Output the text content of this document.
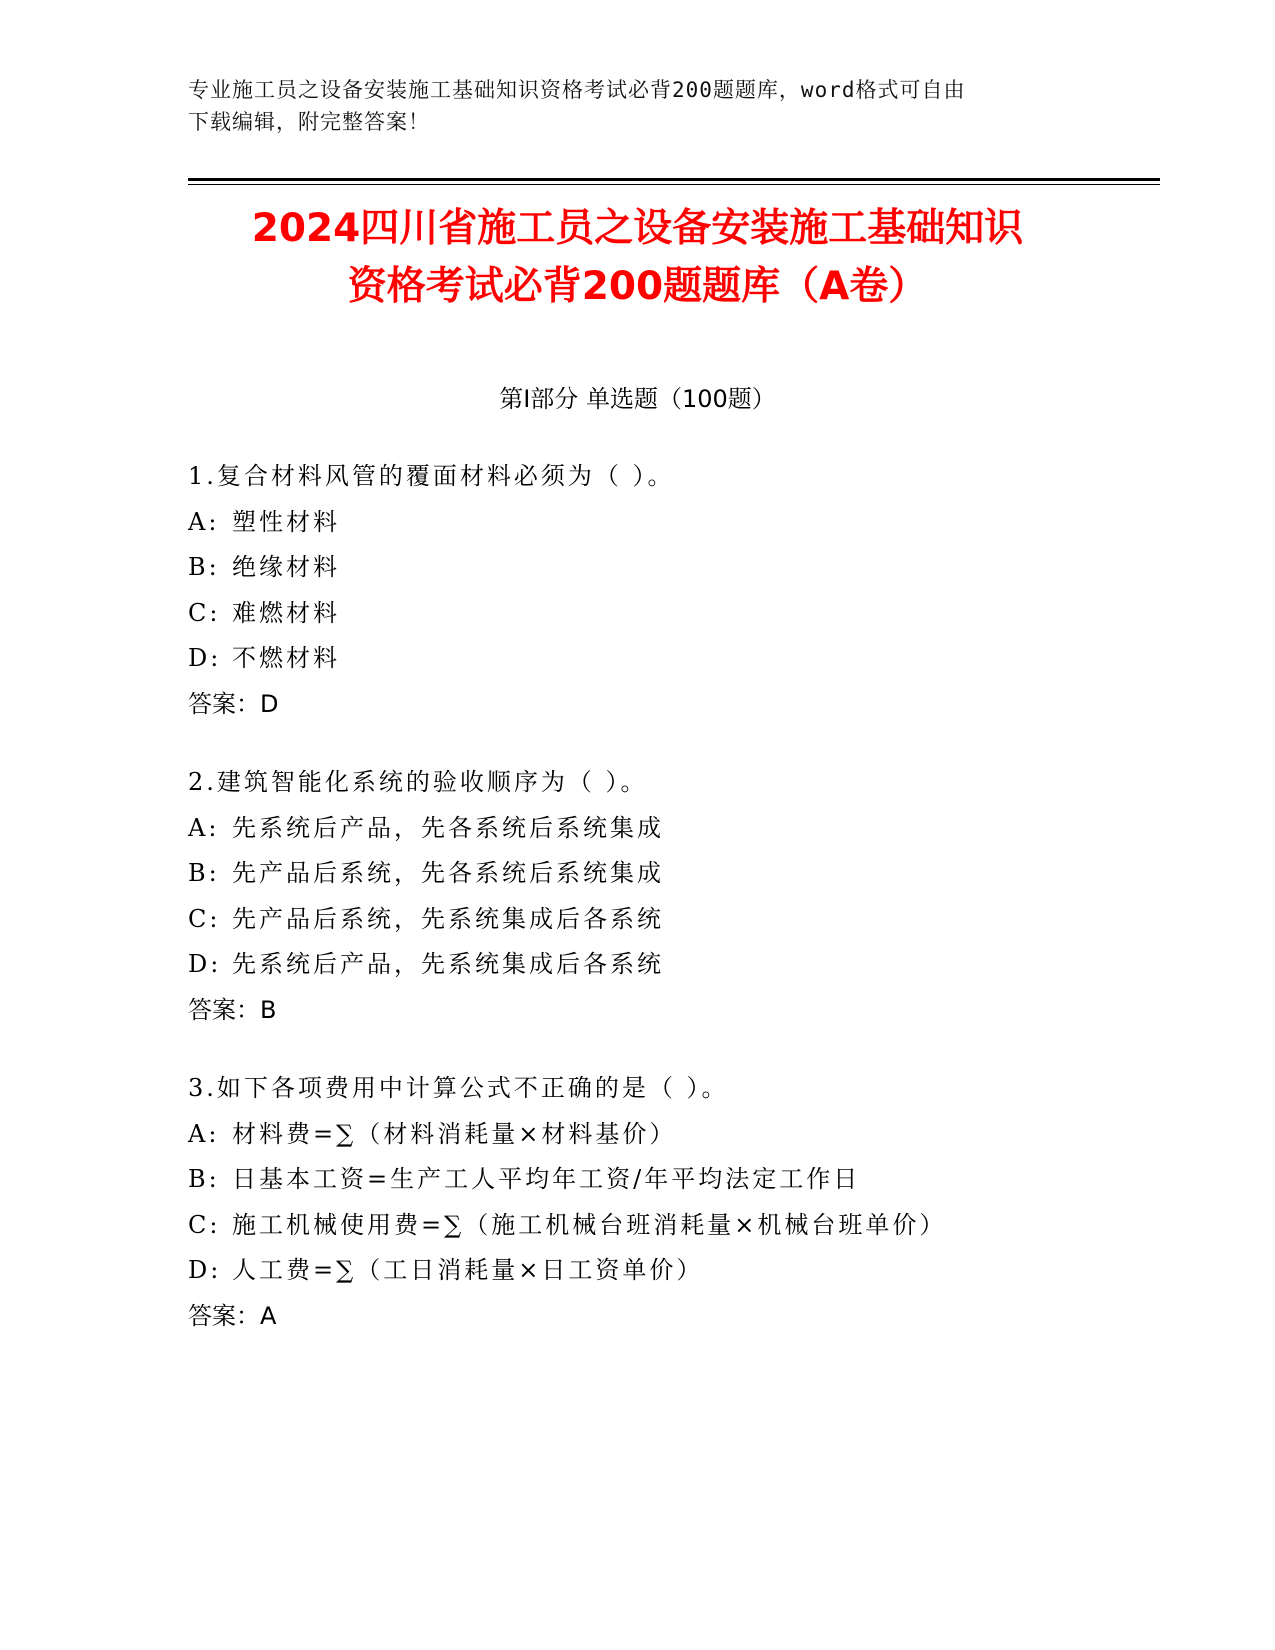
专业施工员之设备安装施工基础知识资格考试必背200题题库，word格式可自由
下载编辑，附完整答案！
2024四川省施工员之设备安装施工基础知识
资格考试必背200题题库（A卷）
第Ⅰ部分 单选题（100题）
1.复合材料风管的覆面材料必须为（ ）。
A: 塑性材料
B: 绝缘材料
C: 难燃材料
D: 不燃材料
答案：D
2.建筑智能化系统的验收顺序为（ ）。
A: 先系统后产品，先各系统后系统集成
B: 先产品后系统，先各系统后系统集成
C: 先产品后系统，先系统集成后各系统
D: 先系统后产品，先系统集成后各系统
答案：B
3.如下各项费用中计算公式不正确的是（ ）。
A: 材料费=∑（材料消耗量×材料基价）
B: 日基本工资=生产工人平均年工资/年平均法定工作日
C: 施工机械使用费=∑（施工机械台班消耗量×机械台班单价）
D: 人工费=∑（工日消耗量×日工资单价）
答案：A
